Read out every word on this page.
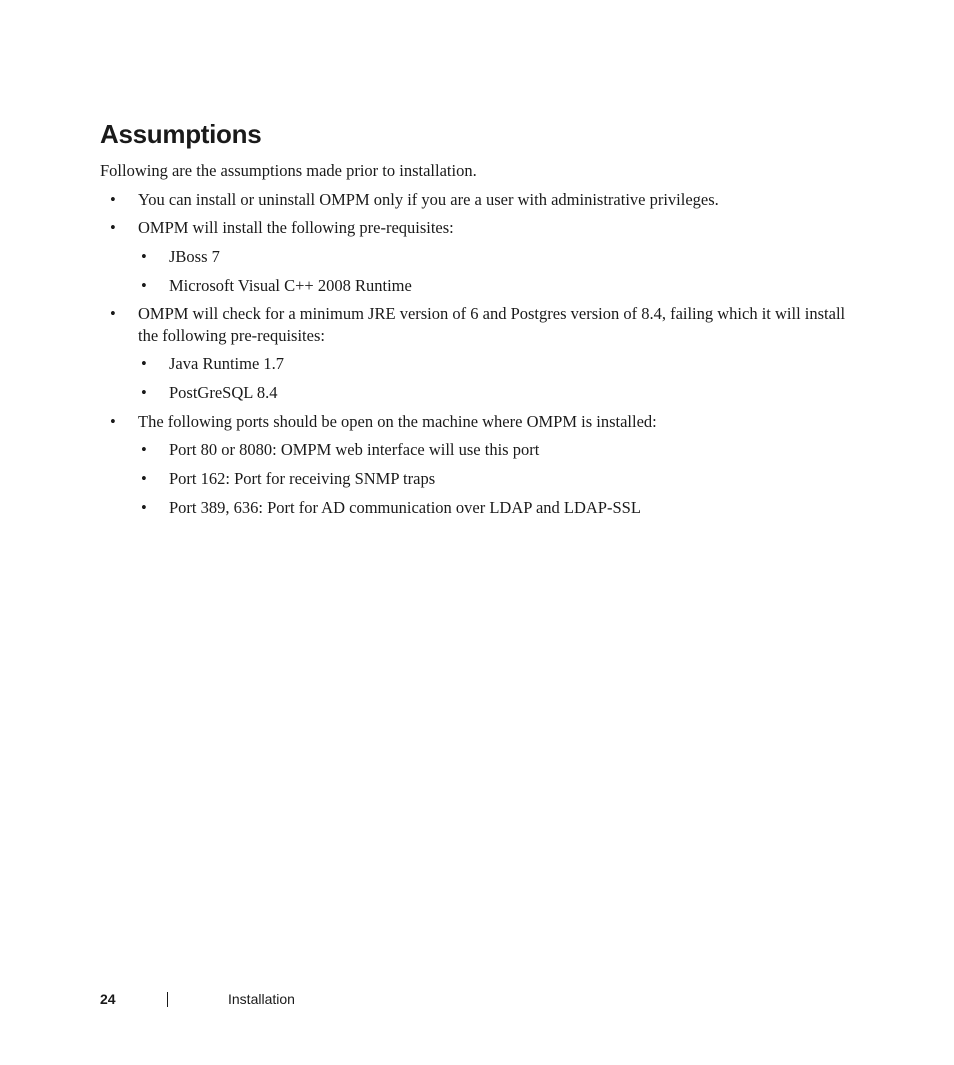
Assumptions

Following are the assumptions made prior to installation.

• You can install or uninstall OMPM only if you are a user with administrative privileges.
• OMPM will install the following pre-requisites:
• JBoss 7
• Microsoft Visual C++ 2008 Runtime
• OMPM will check for a minimum JRE version of 6 and Postgres version of 8.4, failing which it will install the following pre-requisites:
• Java Runtime 1.7
• PostGreSQL 8.4
• The following ports should be open on the machine where OMPM is installed:
• Port 80 or 8080: OMPM web interface will use this port
• Port 162: Port for receiving SNMP traps
• Port 389, 636: Port for AD communication over LDAP and LDAP-SSL
24	Installation
